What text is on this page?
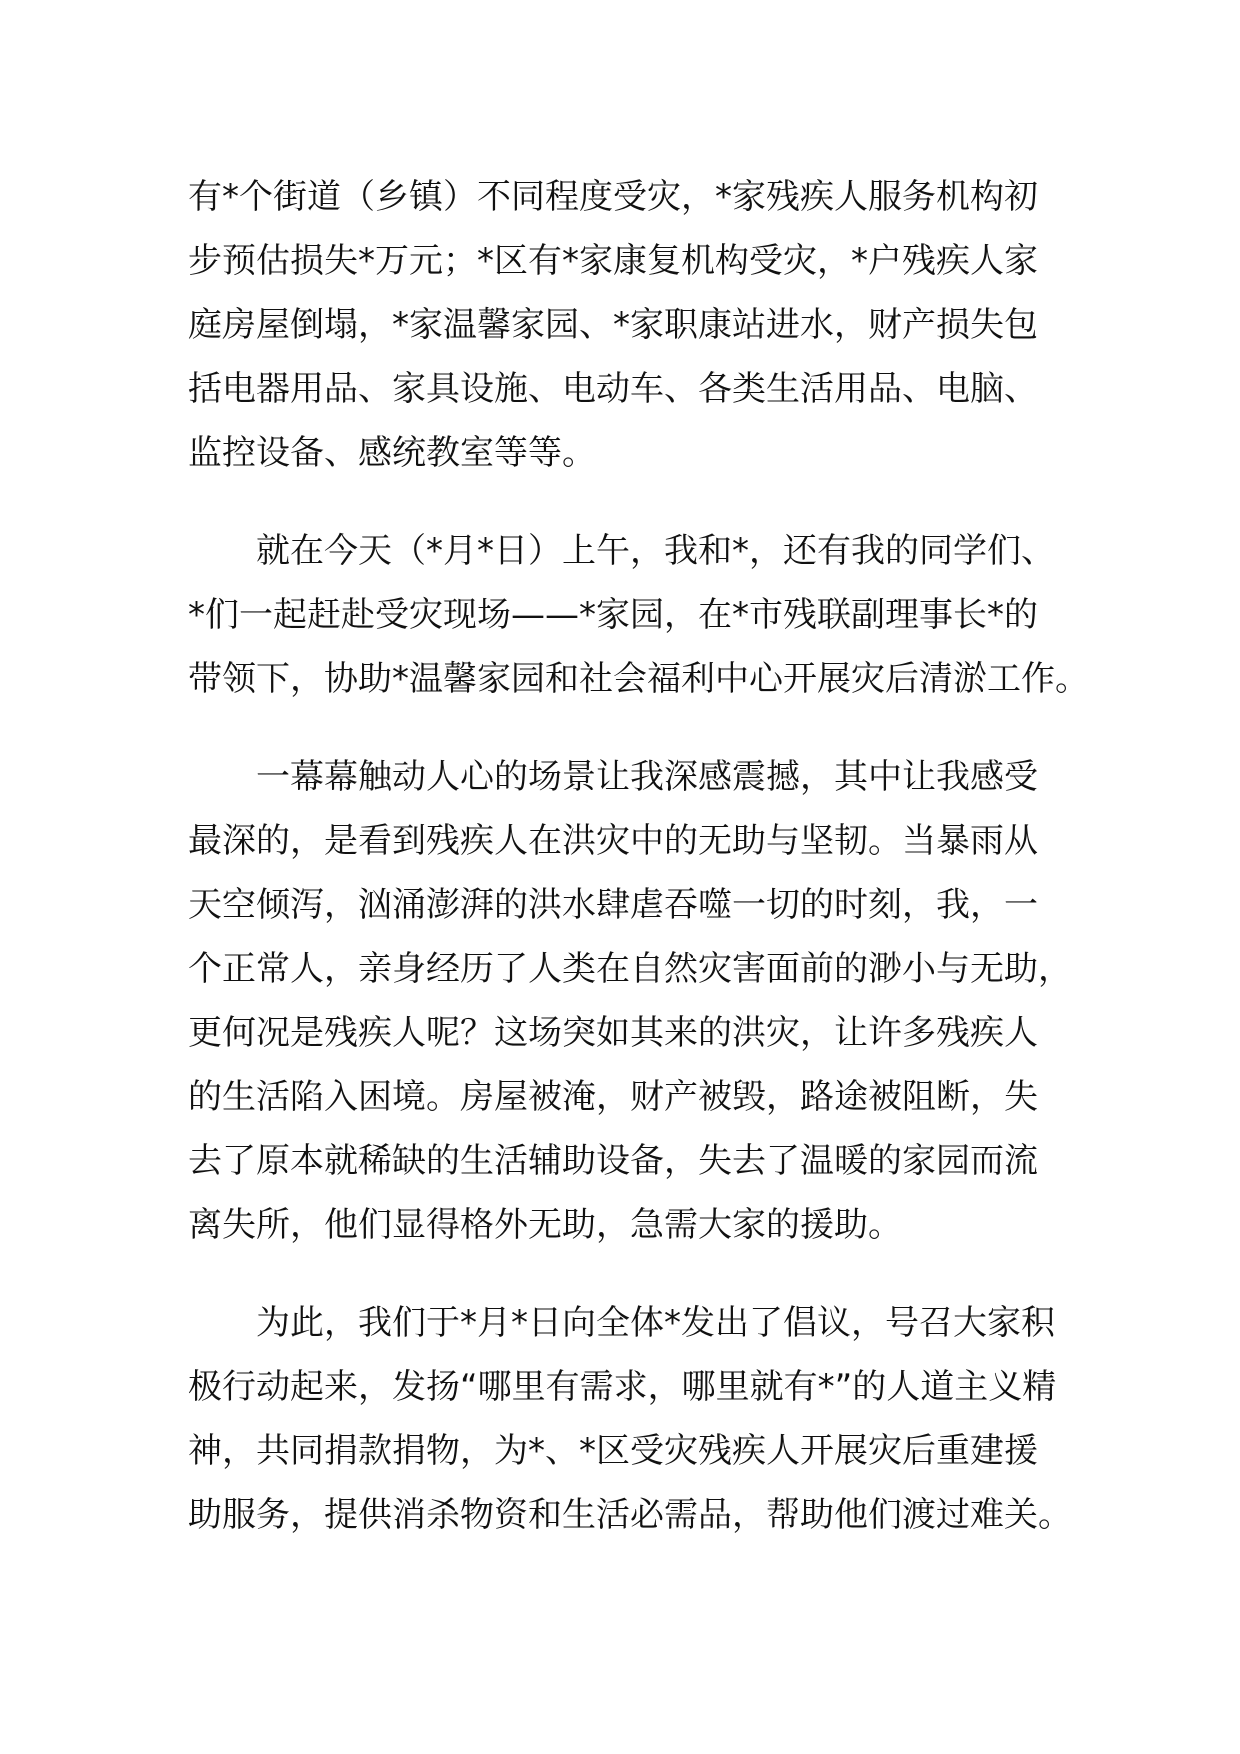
有*个街道（乡镇）不同程度受灾，*家残疾人服务机构初
步预估损失*万元；*区有*家康复机构受灾，*户残疾人家
庭房屋倒塌，*家温馨家园、*家职康站进水，财产损失包
括电器用品、家具设施、电动车、各类生活用品、电脑、
监控设备、感统教室等等。
就在今天（*月*日）上午，我和*，还有我的同学们、
*们一起赶赴受灾现场——*家园，在*市残联副理事长*的
带领下，协助*温馨家园和社会福利中心开展灾后清淤工作。
一幕幕触动人心的场景让我深感震撼，其中让我感受
最深的，是看到残疾人在洪灾中的无助与坚韧。当暴雨从
天空倾泻，汹涌澎湃的洪水肆虐吞噬一切的时刻，我，一
个正常人，亲身经历了人类在自然灾害面前的渺小与无助，
更何况是残疾人呢？这场突如其来的洪灾，让许多残疾人
的生活陷入困境。房屋被淹，财产被毁，路途被阻断，失
去了原本就稀缺的生活辅助设备，失去了温暖的家园而流
离失所，他们显得格外无助，急需大家的援助。
为此，我们于*月*日向全体*发出了倡议，号召大家积
极行动起来，发扬“哪里有需求，哪里就有*”的人道主义精
神，共同捐款捐物，为*、*区受灾残疾人开展灾后重建援
助服务，提供消杀物资和生活必需品，帮助他们渡过难关。
